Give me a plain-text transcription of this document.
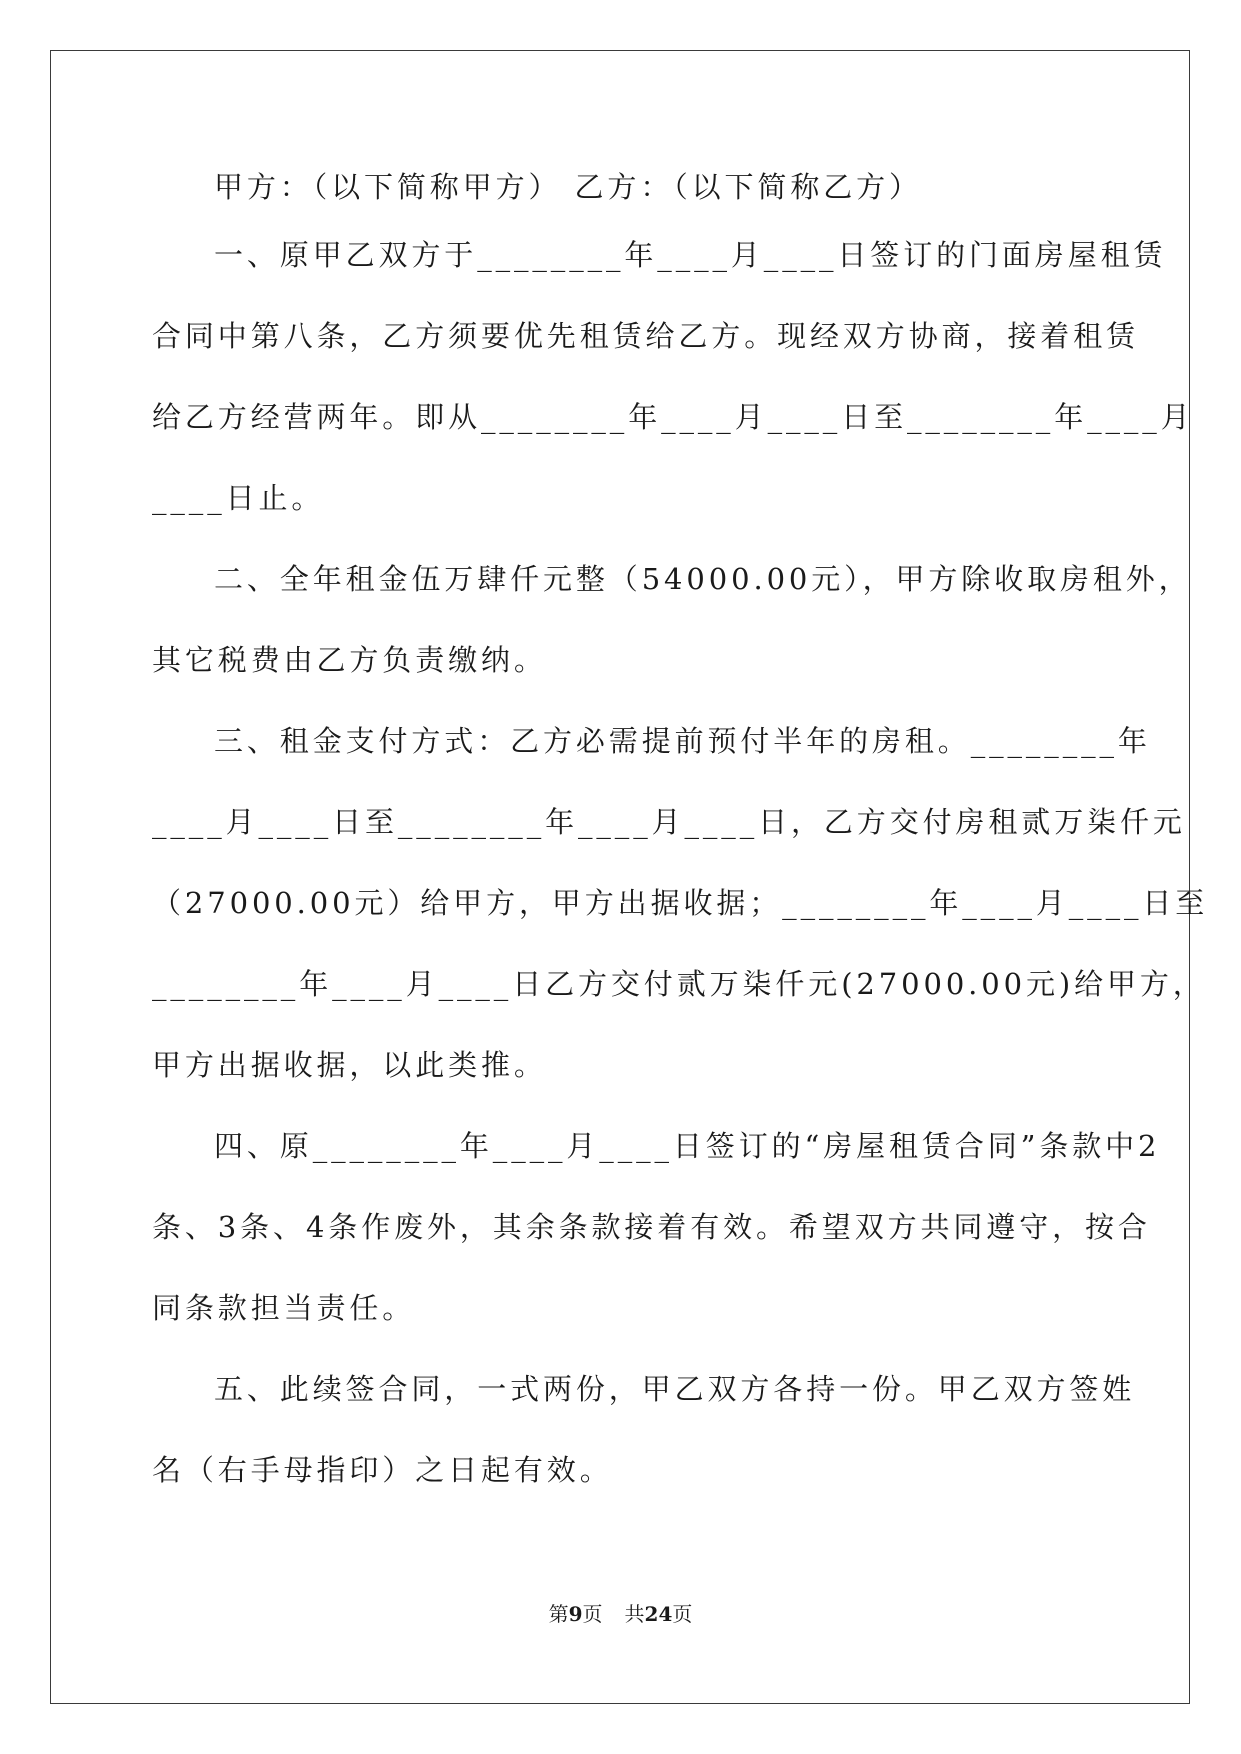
甲方：（以下简称甲方） 乙方：（以下简称乙方）
一、原甲乙双方于________年____月____日签订的门面房屋租赁
合同中第八条，乙方须要优先租赁给乙方。现经双方协商，接着租赁
给乙方经营两年。即从________年____月____日至________年____月
____日止。
二、全年租金伍万肆仟元整（54000.00元），甲方除收取房租外，
其它税费由乙方负责缴纳。
三、租金支付方式：乙方必需提前预付半年的房租。________年
____月____日至________年____月____日，乙方交付房租贰万柒仟元
（27000.00元）给甲方，甲方出据收据；________年____月____日至
________年____月____日乙方交付贰万柒仟元(27000.00元)给甲方，
甲方出据收据，以此类推。
四、原________年____月____日签订的“房屋租赁合同”条款中2
条、3条、4条作废外，其余条款接着有效。希望双方共同遵守，按合
同条款担当责任。
五、此续签合同，一式两份，甲乙双方各持一份。甲乙双方签姓
名（右手母指印）之日起有效。
第9页 共24页
